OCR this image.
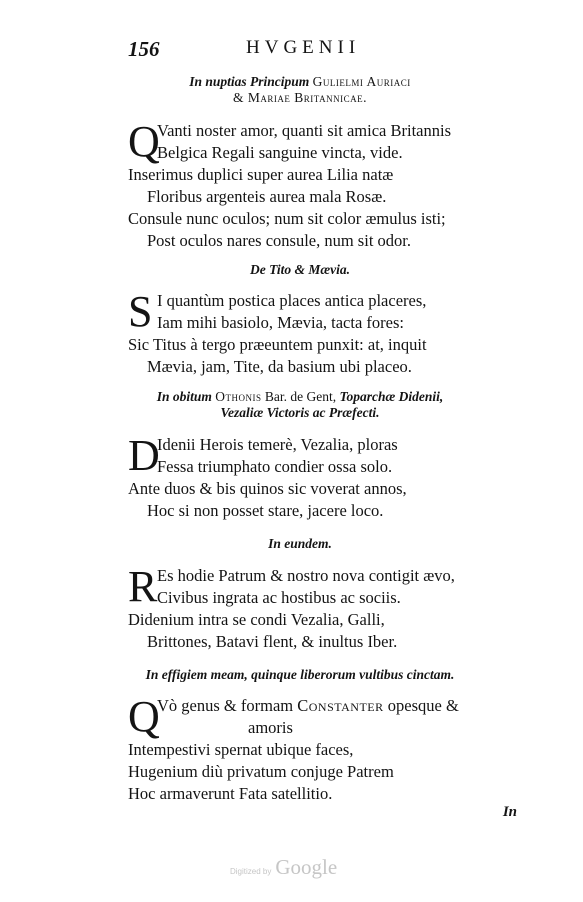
156	HVGENII
In nuptias Principum Gulielmi Auriaci
& Mariae Britannicae.
Q
Vanti noster amor, quanti sit amica Britannis
Belgica Regali sanguine vincta, vide.
Inserimus duplici super aurea Lilia natæ
Floribus argenteis aurea mala Rosæ.
Consule nunc oculos; num sit color æmulus isti;
Post oculos nares consule, num sit odor.
De Tito & Mævia.
S I quantùm postica places antica placeres,
Iam mihi basiolo, Mævia, tacta fores:
Sic Titus à tergo præeuntem punxit: at, inquit
Mævia, jam, Tite, da basium ubi placeo.
In obitum Othonis Bar. de Gent, Toparchæ Didenii,
Vezaliæ Victoris ac Præfecti.
D
Idenii Herois temerè, Vezalia, ploras
Fessa triumphato condier ossa solo.
Ante duos & bis quinos sic voverat annos,
Hoc si non posset stare, jacere loco.
In eundem.
R Es hodie Patrum & nostro nova contigit ævo,
Civibus ingrata ac hostibus ac sociis.
Didenium intra se condi Vezalia, Galli,
Brittones, Batavi flent, & inultus Iber.
In effigiem meam, quinque liberorum vultibus cinctam.
Q
Vò genus & formam Constanter opesque &
amoris
Intempestivi spernat ubique faces,
Hugenium diù privatum conjuge Patrem
Hoc armaverunt Fata satellitio.
In
Digitized by Google
